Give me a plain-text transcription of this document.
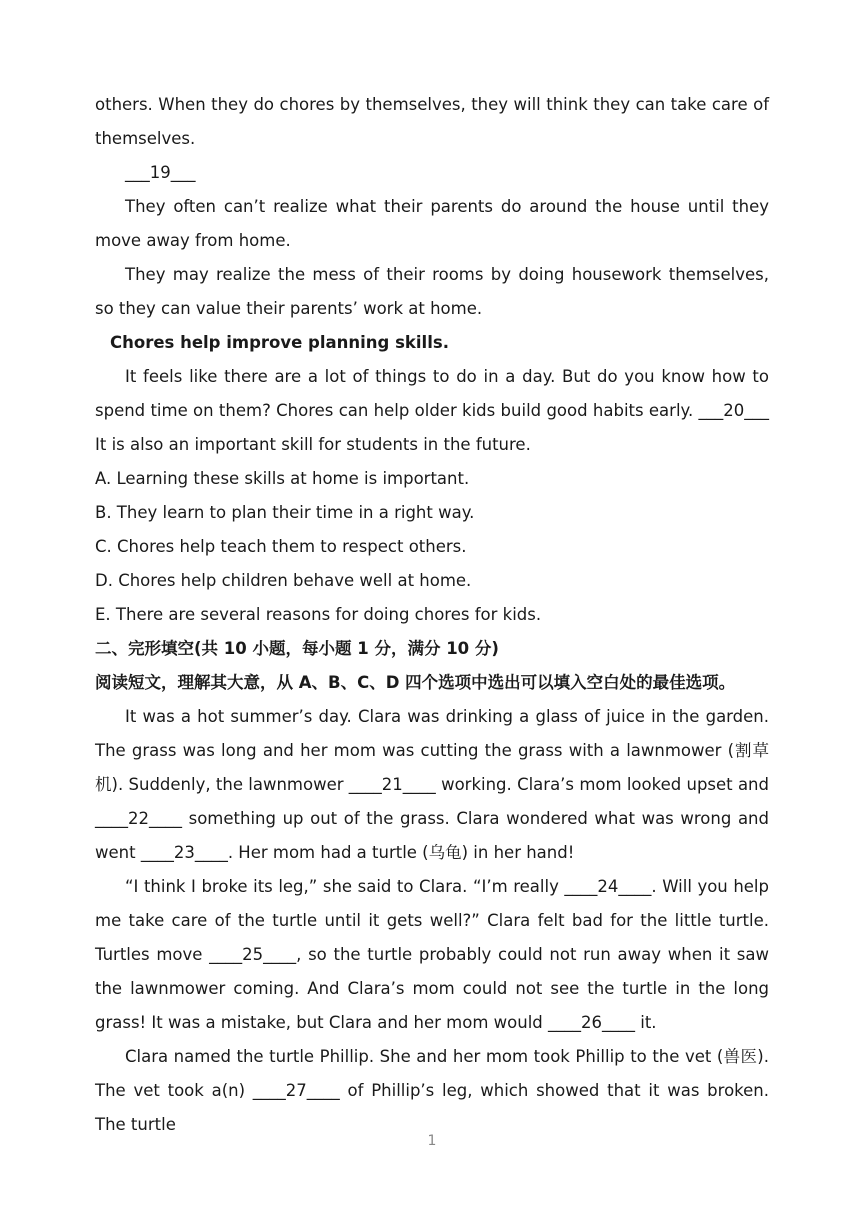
others. When they do chores by themselves, they will think they can take care of themselves.

___19___

They often can’t realize what their parents do around the house until they move away from home.

They may realize the mess of their rooms by doing housework themselves, so they can value their parents’ work at home.

Chores help improve planning skills.

It feels like there are a lot of things to do in a day. But do you know how to spend time on them? Chores can help older kids build good habits early. ___20___ It is also an important skill for students in the future.

A. Learning these skills at home is important.

B. They learn to plan their time in a right way.

C. Chores help teach them to respect others.

D. Chores help children behave well at home.

E. There are several reasons for doing chores for kids.

二、完形填空(共 10 小题，每小题 1 分，满分 10 分)

阅读短文，理解其大意，从 A、B、C、D 四个选项中选出可以填入空白处的最佳选项。

It was a hot summer’s day. Clara was drinking a glass of juice in the garden. The grass was long and her mom was cutting the grass with a lawnmower (割草机). Suddenly, the lawnmower ____21____ working. Clara’s mom looked upset and ____22____ something up out of the grass. Clara wondered what was wrong and went ____23____. Her mom had a turtle (乌龟) in her hand!

“I think I broke its leg,” she said to Clara. “I’m really ____24____. Will you help me take care of the turtle until it gets well?” Clara felt bad for the little turtle. Turtles move ____25____, so the turtle probably could not run away when it saw the lawnmower coming. And Clara’s mom could not see the turtle in the long grass! It was a mistake, but Clara and her mom would ____26____ it.

Clara named the turtle Phillip. She and her mom took Phillip to the vet (兽医). The vet took a(n) ____27____ of Phillip’s leg, which showed that it was broken. The turtle

1
